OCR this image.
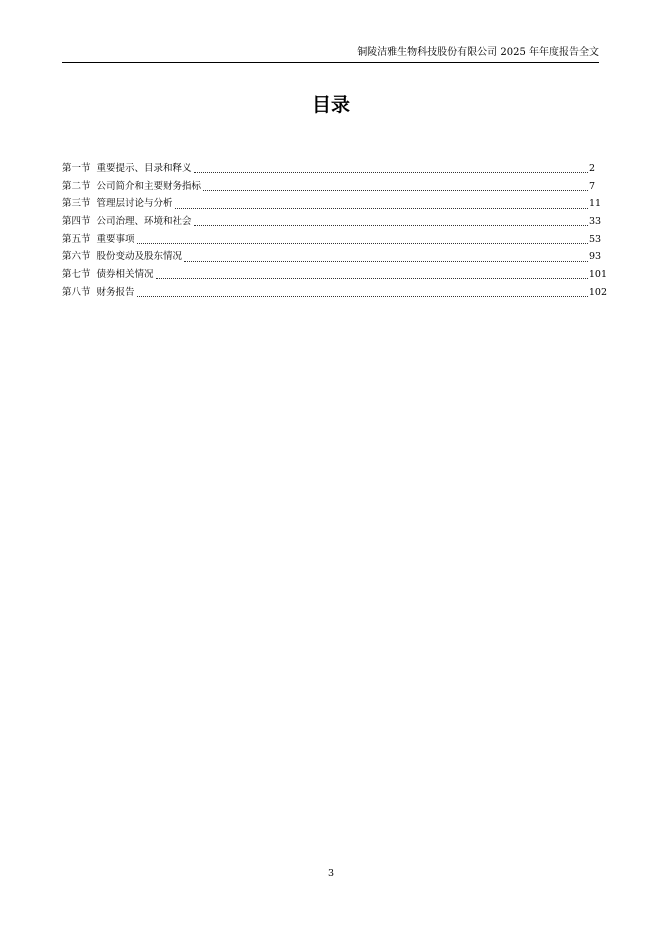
铜陵洁雅生物科技股份有限公司 2025 年年度报告全文
目录
第一节 重要提示、目录和释义	2
第二节 公司简介和主要财务指标	7
第三节 管理层讨论与分析	11
第四节 公司治理、环境和社会	33
第五节 重要事项	53
第六节 股份变动及股东情况	93
第七节 债券相关情况	101
第八节 财务报告	102
3
